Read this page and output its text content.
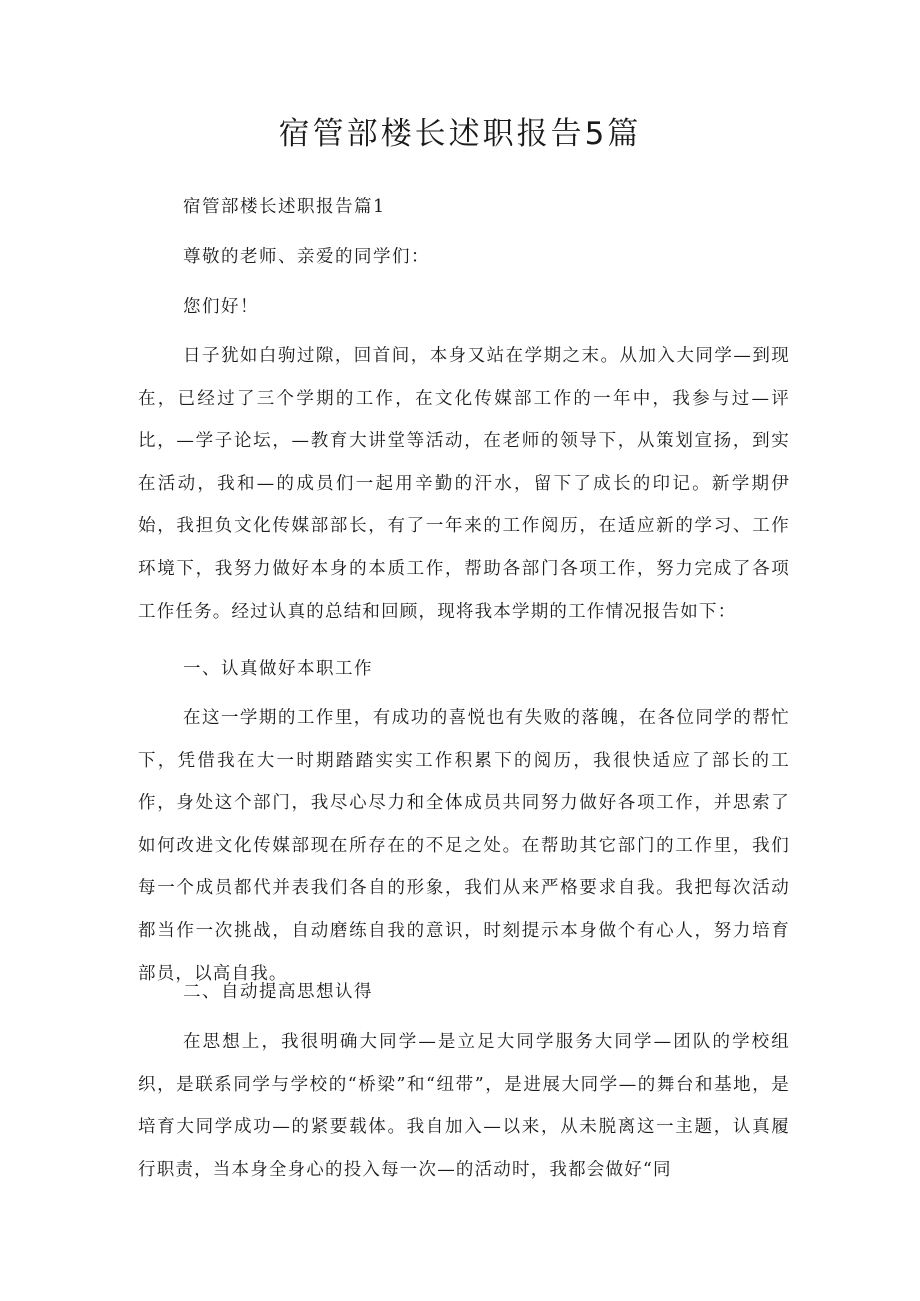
宿管部楼长述职报告5篇

宿管部楼长述职报告篇1

尊敬的老师、亲爱的同学们：

您们好！

日子犹如白驹过隙，回首间，本身又站在学期之末。从加入大同学—到现在，已经过了三个学期的工作，在文化传媒部工作的一年中，我参与过—评比，—学子论坛，—教育大讲堂等活动，在老师的领导下，从策划宣扬，到实在活动，我和—的成员们一起用辛勤的汗水，留下了成长的印记。新学期伊始，我担负文化传媒部部长，有了一年来的工作阅历，在适应新的学习、工作环境下，我努力做好本身的本质工作，帮助各部门各项工作，努力完成了各项工作任务。经过认真的总结和回顾，现将我本学期的工作情况报告如下：

一、认真做好本职工作

在这一学期的工作里，有成功的喜悦也有失败的落魄，在各位同学的帮忙下，凭借我在大一时期踏踏实实工作积累下的阅历，我很快适应了部长的工作，身处这个部门，我尽心尽力和全体成员共同努力做好各项工作，并思索了如何改进文化传媒部现在所存在的不足之处。在帮助其它部门的工作里，我们每一个成员都代并表我们各自的形象，我们从来严格要求自我。我把每次活动都当作一次挑战，自动磨练自我的意识，时刻提示本身做个有心人，努力培育部员，以高自我。

二、自动提高思想认得

在思想上，我很明确大同学—是立足大同学服务大同学—团队的学校组织，是联系同学与学校的“桥梁”和“纽带”，是进展大同学—的舞台和基地，是培育大同学成功—的紧要载体。我自加入—以来，从未脱离这一主题，认真履行职责，当本身全身心的投入每一次—的活动时，我都会做好“同
